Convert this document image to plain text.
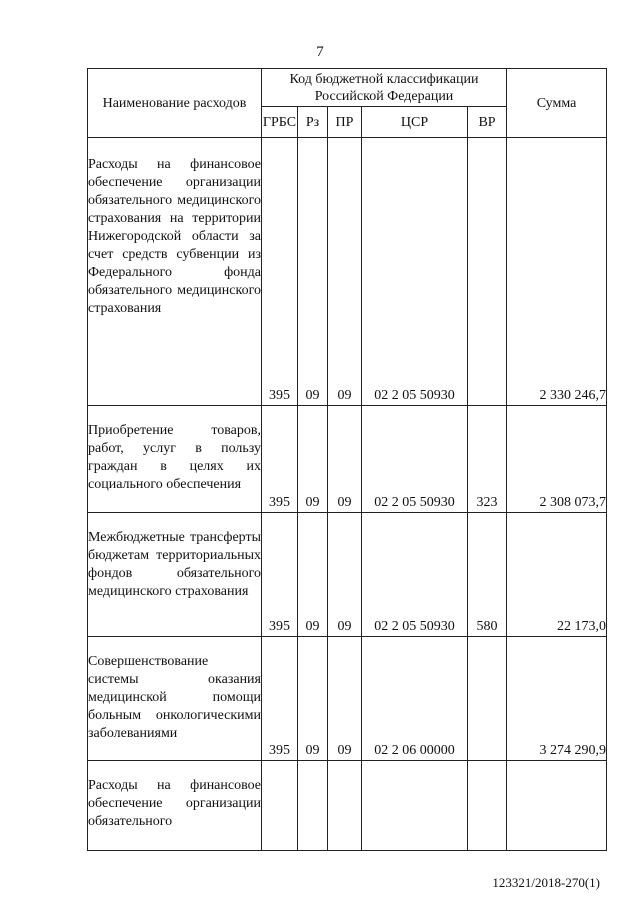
7
Наименование расходов	Код бюджетной классификации Российской Федерации					Сумма
	ГРБС	Рз	ПР	ЦСР	ВР	

Расходы на финансовое обеспечение организации обязательного медицинского страхования на территории Нижегородской области за счет средств субвенции из Федерального фонда обязательного медицинского страхования	395	09	09	02 2 05 50930		2 330 246,7

Приобретение товаров, работ, услуг в пользу граждан в целях их социального обеспечения	395	09	09	02 2 05 50930	323	2 308 073,7

Межбюджетные трансферты бюджетам территориальных фондов обязательного медицинского страхования	395	09	09	02 2 05 50930	580	22 173,0

Совершенствование системы оказания медицинской помощи больным онкологическими заболеваниями	395	09	09	02 2 06 00000		3 274 290,9

Расходы на финансовое обеспечение организации обязательного						

123321/2018-270(1)
